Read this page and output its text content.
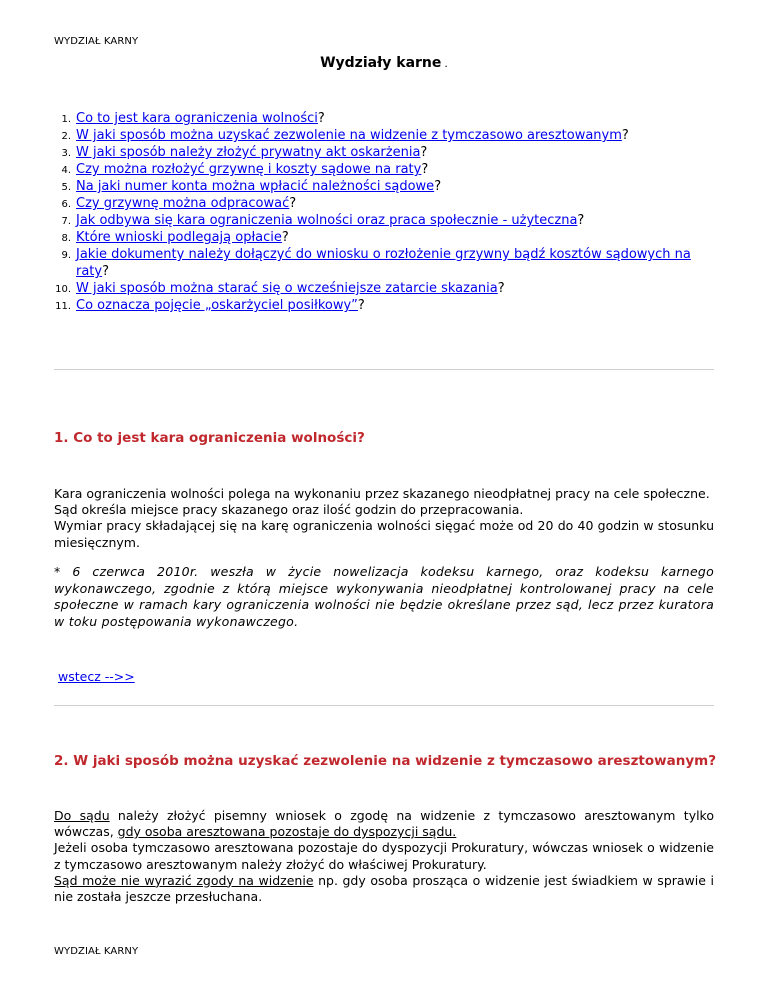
WYDZIAŁ KARNY
Wydziały karne .
1. Co to jest kara ograniczenia wolności?
2. W jaki sposób można uzyskać zezwolenie na widzenie z tymczasowo aresztowanym?
3. W jaki sposób należy złożyć prywatny akt oskarżenia?
4. Czy można rozłożyć grzywnę i koszty sądowe na raty?
5. Na jaki numer konta można wpłacić należności sądowe?
6. Czy grzywnę można odpracować?
7. Jak odbywa się kara ograniczenia wolności oraz praca społecznie - użyteczna?
8. Które wnioski podlegają opłacie?
9. Jakie dokumenty należy dołączyć do wniosku o rozłożenie grzywny bądź kosztów sądowych na raty?
10. W jaki sposób można starać się o wcześniejsze zatarcie skazania?
11. Co oznacza pojęcie „oskarżyciel posiłkowy”?
1. Co to jest kara ograniczenia wolności?

Kara ograniczenia wolności polega na wykonaniu przez skazanego nieodpłatnej pracy na cele społeczne.
Sąd określa miejsce pracy skazanego oraz ilość godzin do przepracowania.
Wymiar pracy składającej się na karę ograniczenia wolności sięgać może od 20 do 40 godzin w stosunku miesięcznym.

* 6 czerwca 2010r. weszła w życie nowelizacja kodeksu karnego, oraz kodeksu karnego wykonawczego, zgodnie z którą miejsce wykonywania nieodpłatnej kontrolowanej pracy na cele społeczne w ramach kary ograniczenia wolności nie będzie określane przez sąd, lecz przez kuratora w toku postępowania wykonawczego.

wstecz -->>
2. W jaki sposób można uzyskać zezwolenie na widzenie z tymczasowo aresztowanym?

Do sądu należy złożyć pisemny wniosek o zgodę na widzenie z tymczasowo aresztowanym tylko wówczas, gdy osoba aresztowana pozostaje do dyspozycji sądu.
Jeżeli osoba tymczasowo aresztowana pozostaje do dyspozycji Prokuratury, wówczas wniosek o widzenie z tymczasowo aresztowanym należy złożyć do właściwej Prokuratury.
Sąd może nie wyrazić zgody na widzenie np. gdy osoba prosząca o widzenie jest świadkiem w sprawie i nie została jeszcze przesłuchana.

WYDZIAŁ KARNY
